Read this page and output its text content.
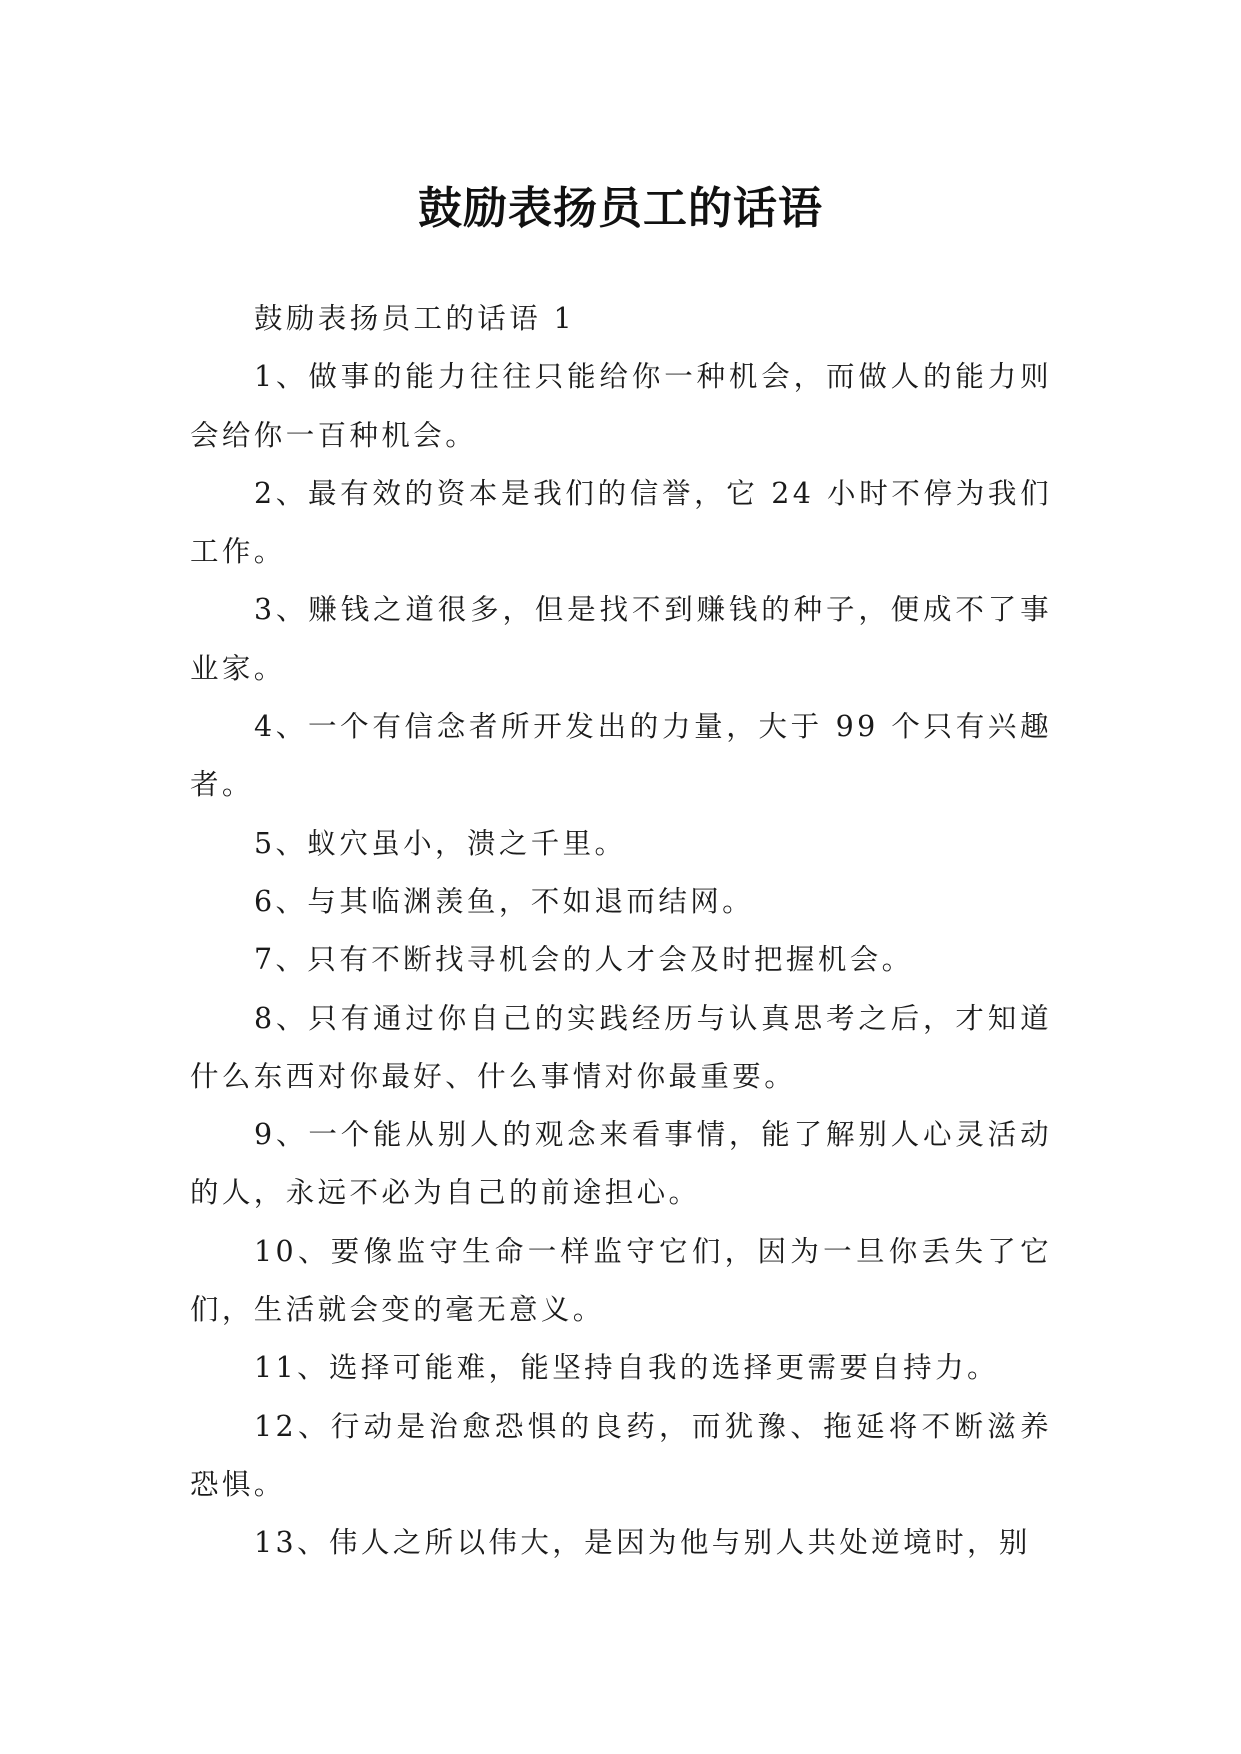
鼓励表扬员工的话语

鼓励表扬员工的话语 1

1、做事的能力往往只能给你一种机会，而做人的能力则会给你一百种机会。

2、最有效的资本是我们的信誉，它 24 小时不停为我们工作。

3、赚钱之道很多，但是找不到赚钱的种子，便成不了事业家。

4、一个有信念者所开发出的力量，大于 99 个只有兴趣者。

5、蚁穴虽小，溃之千里。

6、与其临渊羡鱼，不如退而结网。

7、只有不断找寻机会的人才会及时把握机会。

8、只有通过你自己的实践经历与认真思考之后，才知道什么东西对你最好、什么事情对你最重要。

9、一个能从别人的观念来看事情，能了解别人心灵活动的人，永远不必为自己的前途担心。

10、要像监守生命一样监守它们，因为一旦你丢失了它们，生活就会变的毫无意义。

11、选择可能难，能坚持自我的选择更需要自持力。

12、行动是治愈恐惧的良药，而犹豫、拖延将不断滋养恐惧。

13、伟人之所以伟大，是因为他与别人共处逆境时，别
